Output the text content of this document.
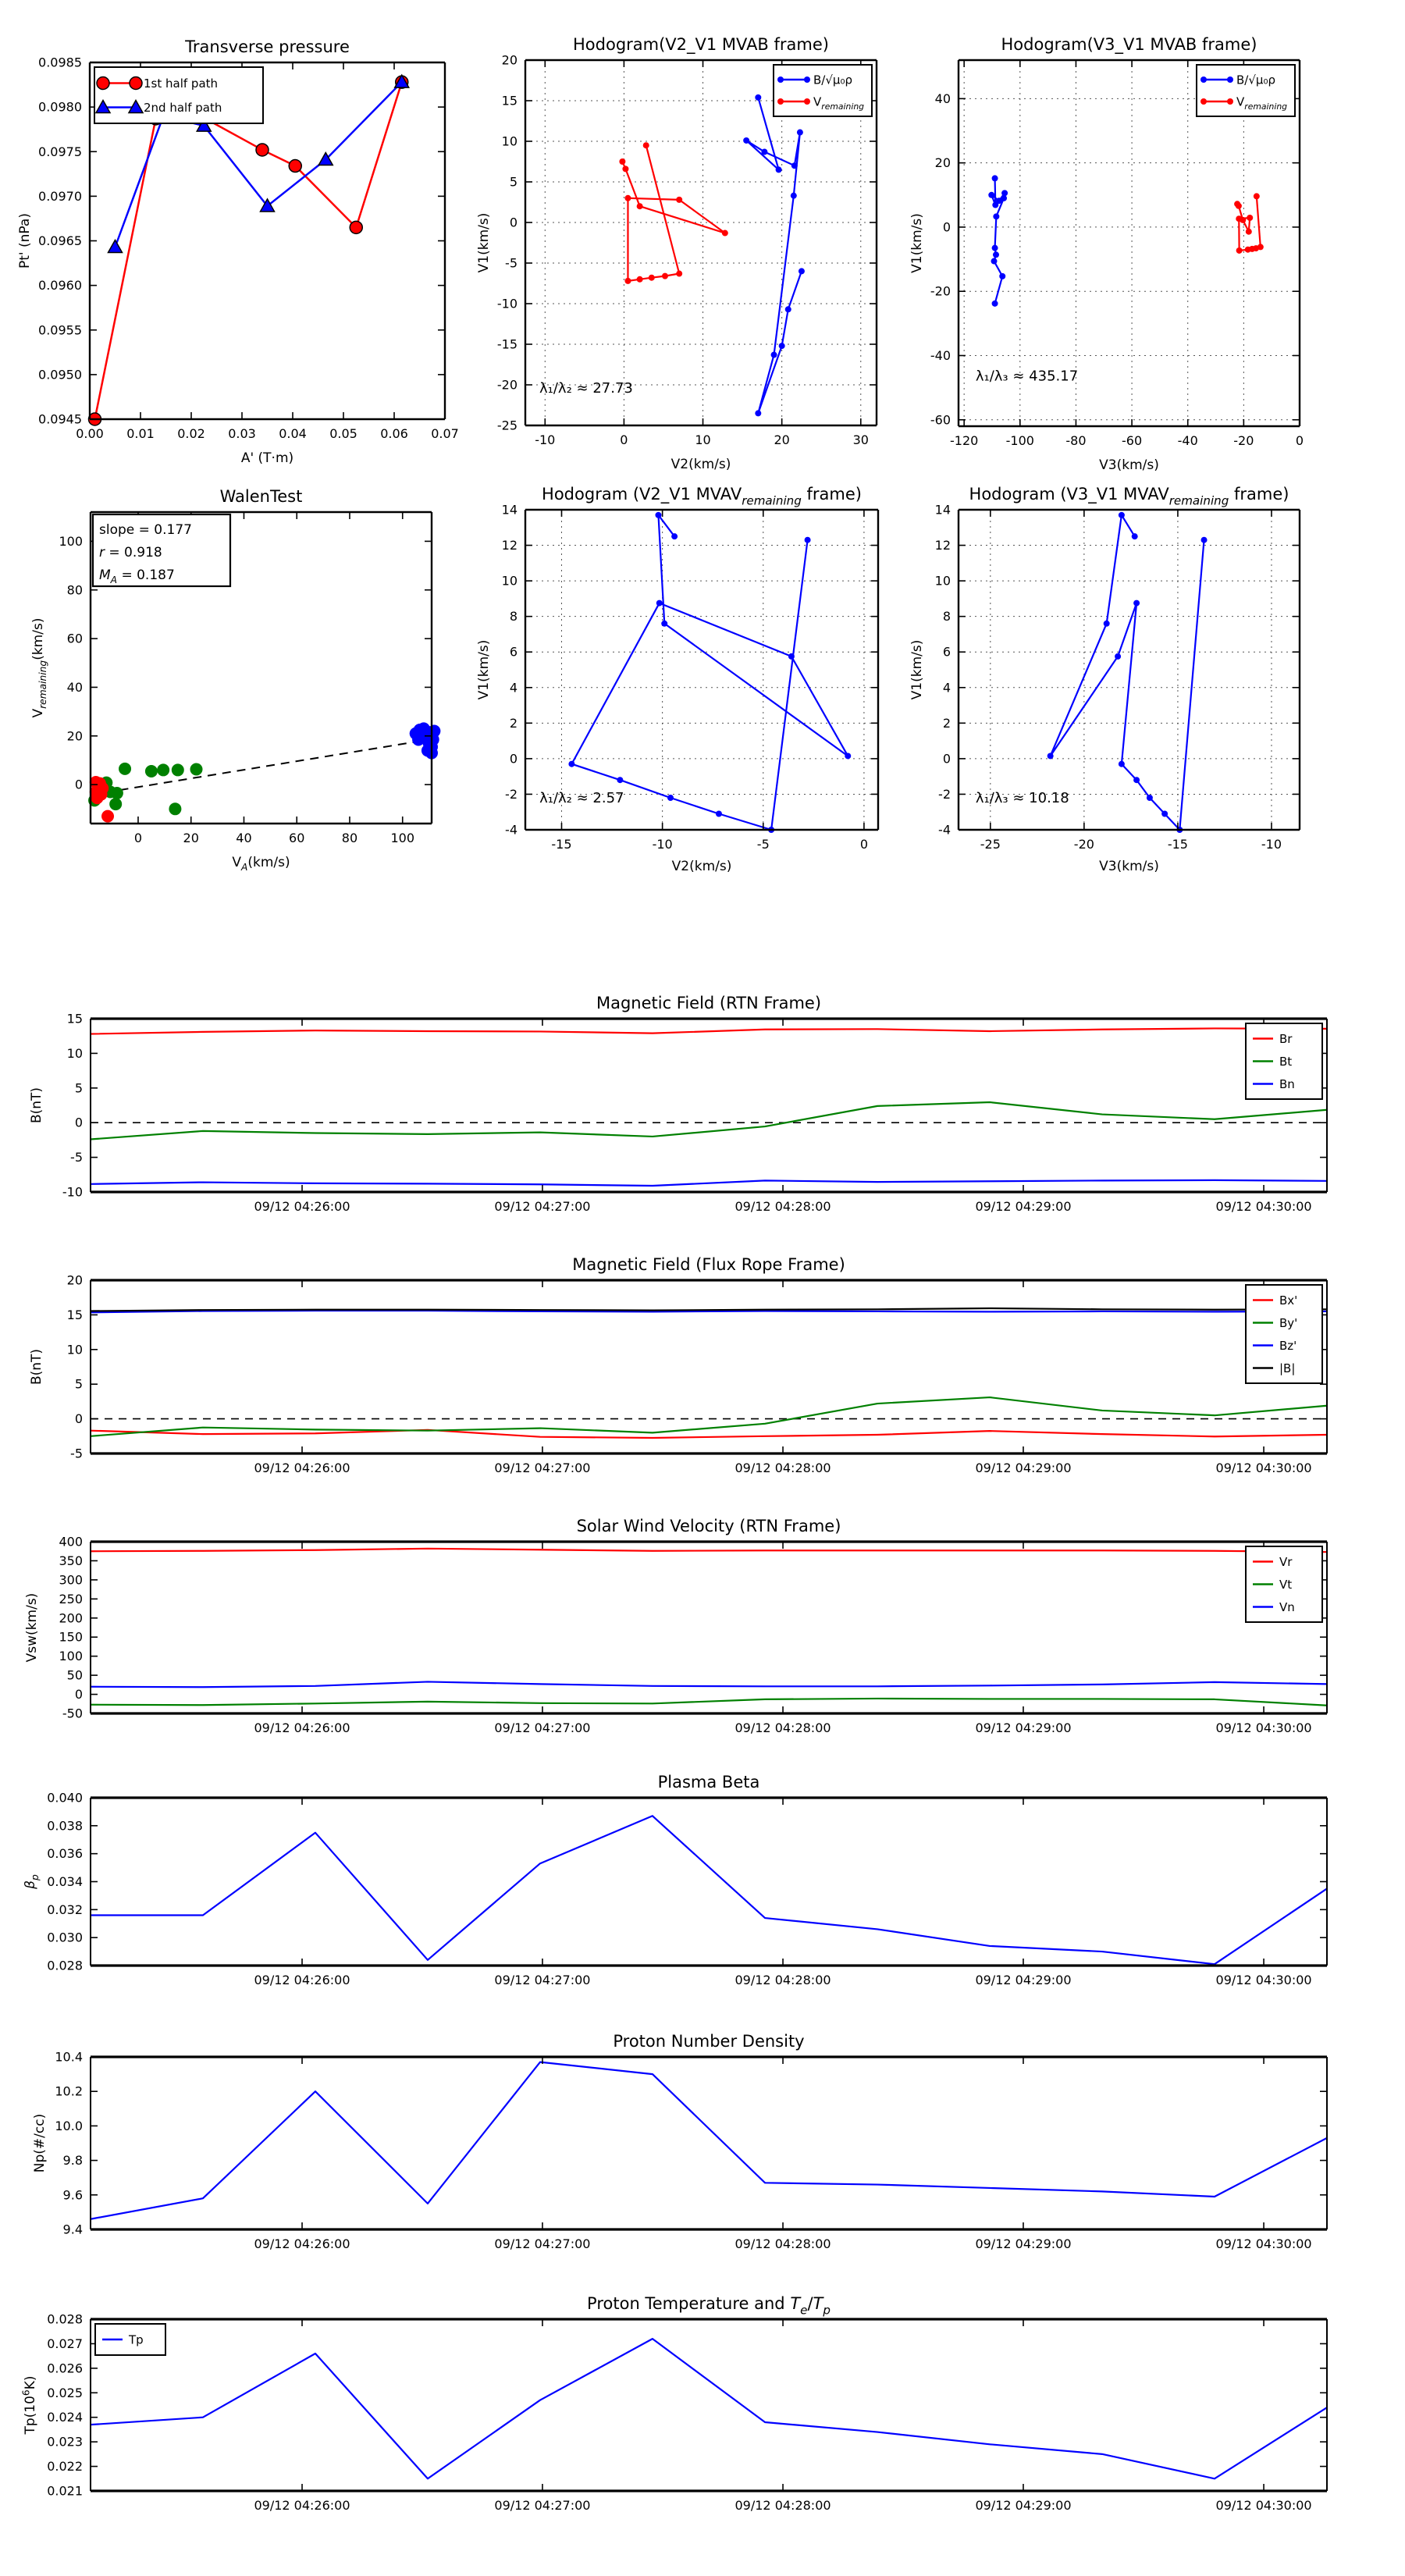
0.00 0.01 0.02 0.03 0.04 0.05 0.06 0.07
0.0945
0.0950
0.0955
0.0960
0.0965
0.0970
0.0975
0.0980
0.0985
Transverse pressure
A' (T·m)
Pt' (nPa)
1st half path
2nd half path
-10	0	10	20	30
-25
-20
-15
-10
-5
0
5
10
15
20
Hodogram(V2_V1 MVAB frame)
V2(km/s)
V1(km/s)
λ₁/λ₂ ≈ 27.73
B/√μ₀ρ
$V_{remaining}$
-120 -100	-80	-60	-40	-20	0
-60
-40
-20
0
20
40
Hodogram(V3_V1 MVAB frame)
V3(km/s)
V1(km/s)
λ₁/λ₃ ≈ 435.17
B/√μ₀ρ
$V_{remaining}$
0	20	40	60	80	100
0
20
40
60
80
100
WalenTest
$V_A(km/s)$
$V_{remaining}(km/s)$
slope = 0.177
r = 0.918
$M_A = 0.187$
-15	-10	-5	0
-4
-2
0
2
4
6
8
10
12
14
Hodogram (V2_V1 $MVAV_{remaining}$ frame)
V2(km/s)
V1(km/s)
λ₁/λ₂ ≈ 2.57
-25	-20	-15	-10
-4
-2
0
2
4
6
8
10
12
14
Hodogram (V3_V1 $MVAV_{remaining}$ frame)
V3(km/s)
V1(km/s)
λ₁/λ₃ ≈ 10.18
09/12 04:26:00	09/12 04:27:00	09/12 04:28:00	09/12 04:29:00	09/12 04:30:00
-10
-5
0
5
10
15
Magnetic Field (RTN Frame)
B(nT)
Br
Bt
Bn
09/12 04:26:00	09/12 04:27:00	09/12 04:28:00	09/12 04:29:00	09/12 04:30:00
-5
0
5
10
15
20
Magnetic Field (Flux Rope Frame)
B(nT)
Bx'
By'
Bz'
|B|
09/12 04:26:00	09/12 04:27:00	09/12 04:28:00	09/12 04:29:00	09/12 04:30:00
-50
0
50
100
150
200
250
300
350
400
Solar Wind Velocity (RTN Frame)
Vsw(km/s)
Vr
Vt
Vn
09/12 04:26:00	09/12 04:27:00	09/12 04:28:00	09/12 04:29:00	09/12 04:30:00
0.028
0.030
0.032
0.034
0.036
0.038
0.040
Plasma Beta
$\beta_p$
09/12 04:26:00	09/12 04:27:00	09/12 04:28:00	09/12 04:29:00	09/12 04:30:00
9.4
9.6
9.8
10.0
10.2
10.4
Proton Number Density
Np(#/cc)
09/12 04:26:00	09/12 04:27:00	09/12 04:28:00	09/12 04:29:00	09/12 04:30:00
0.021
0.022
0.023
0.024
0.025
0.026
0.027
0.028
Proton Temperature and $T_e/T_p$
$Tp(10^6K)$
Tp
